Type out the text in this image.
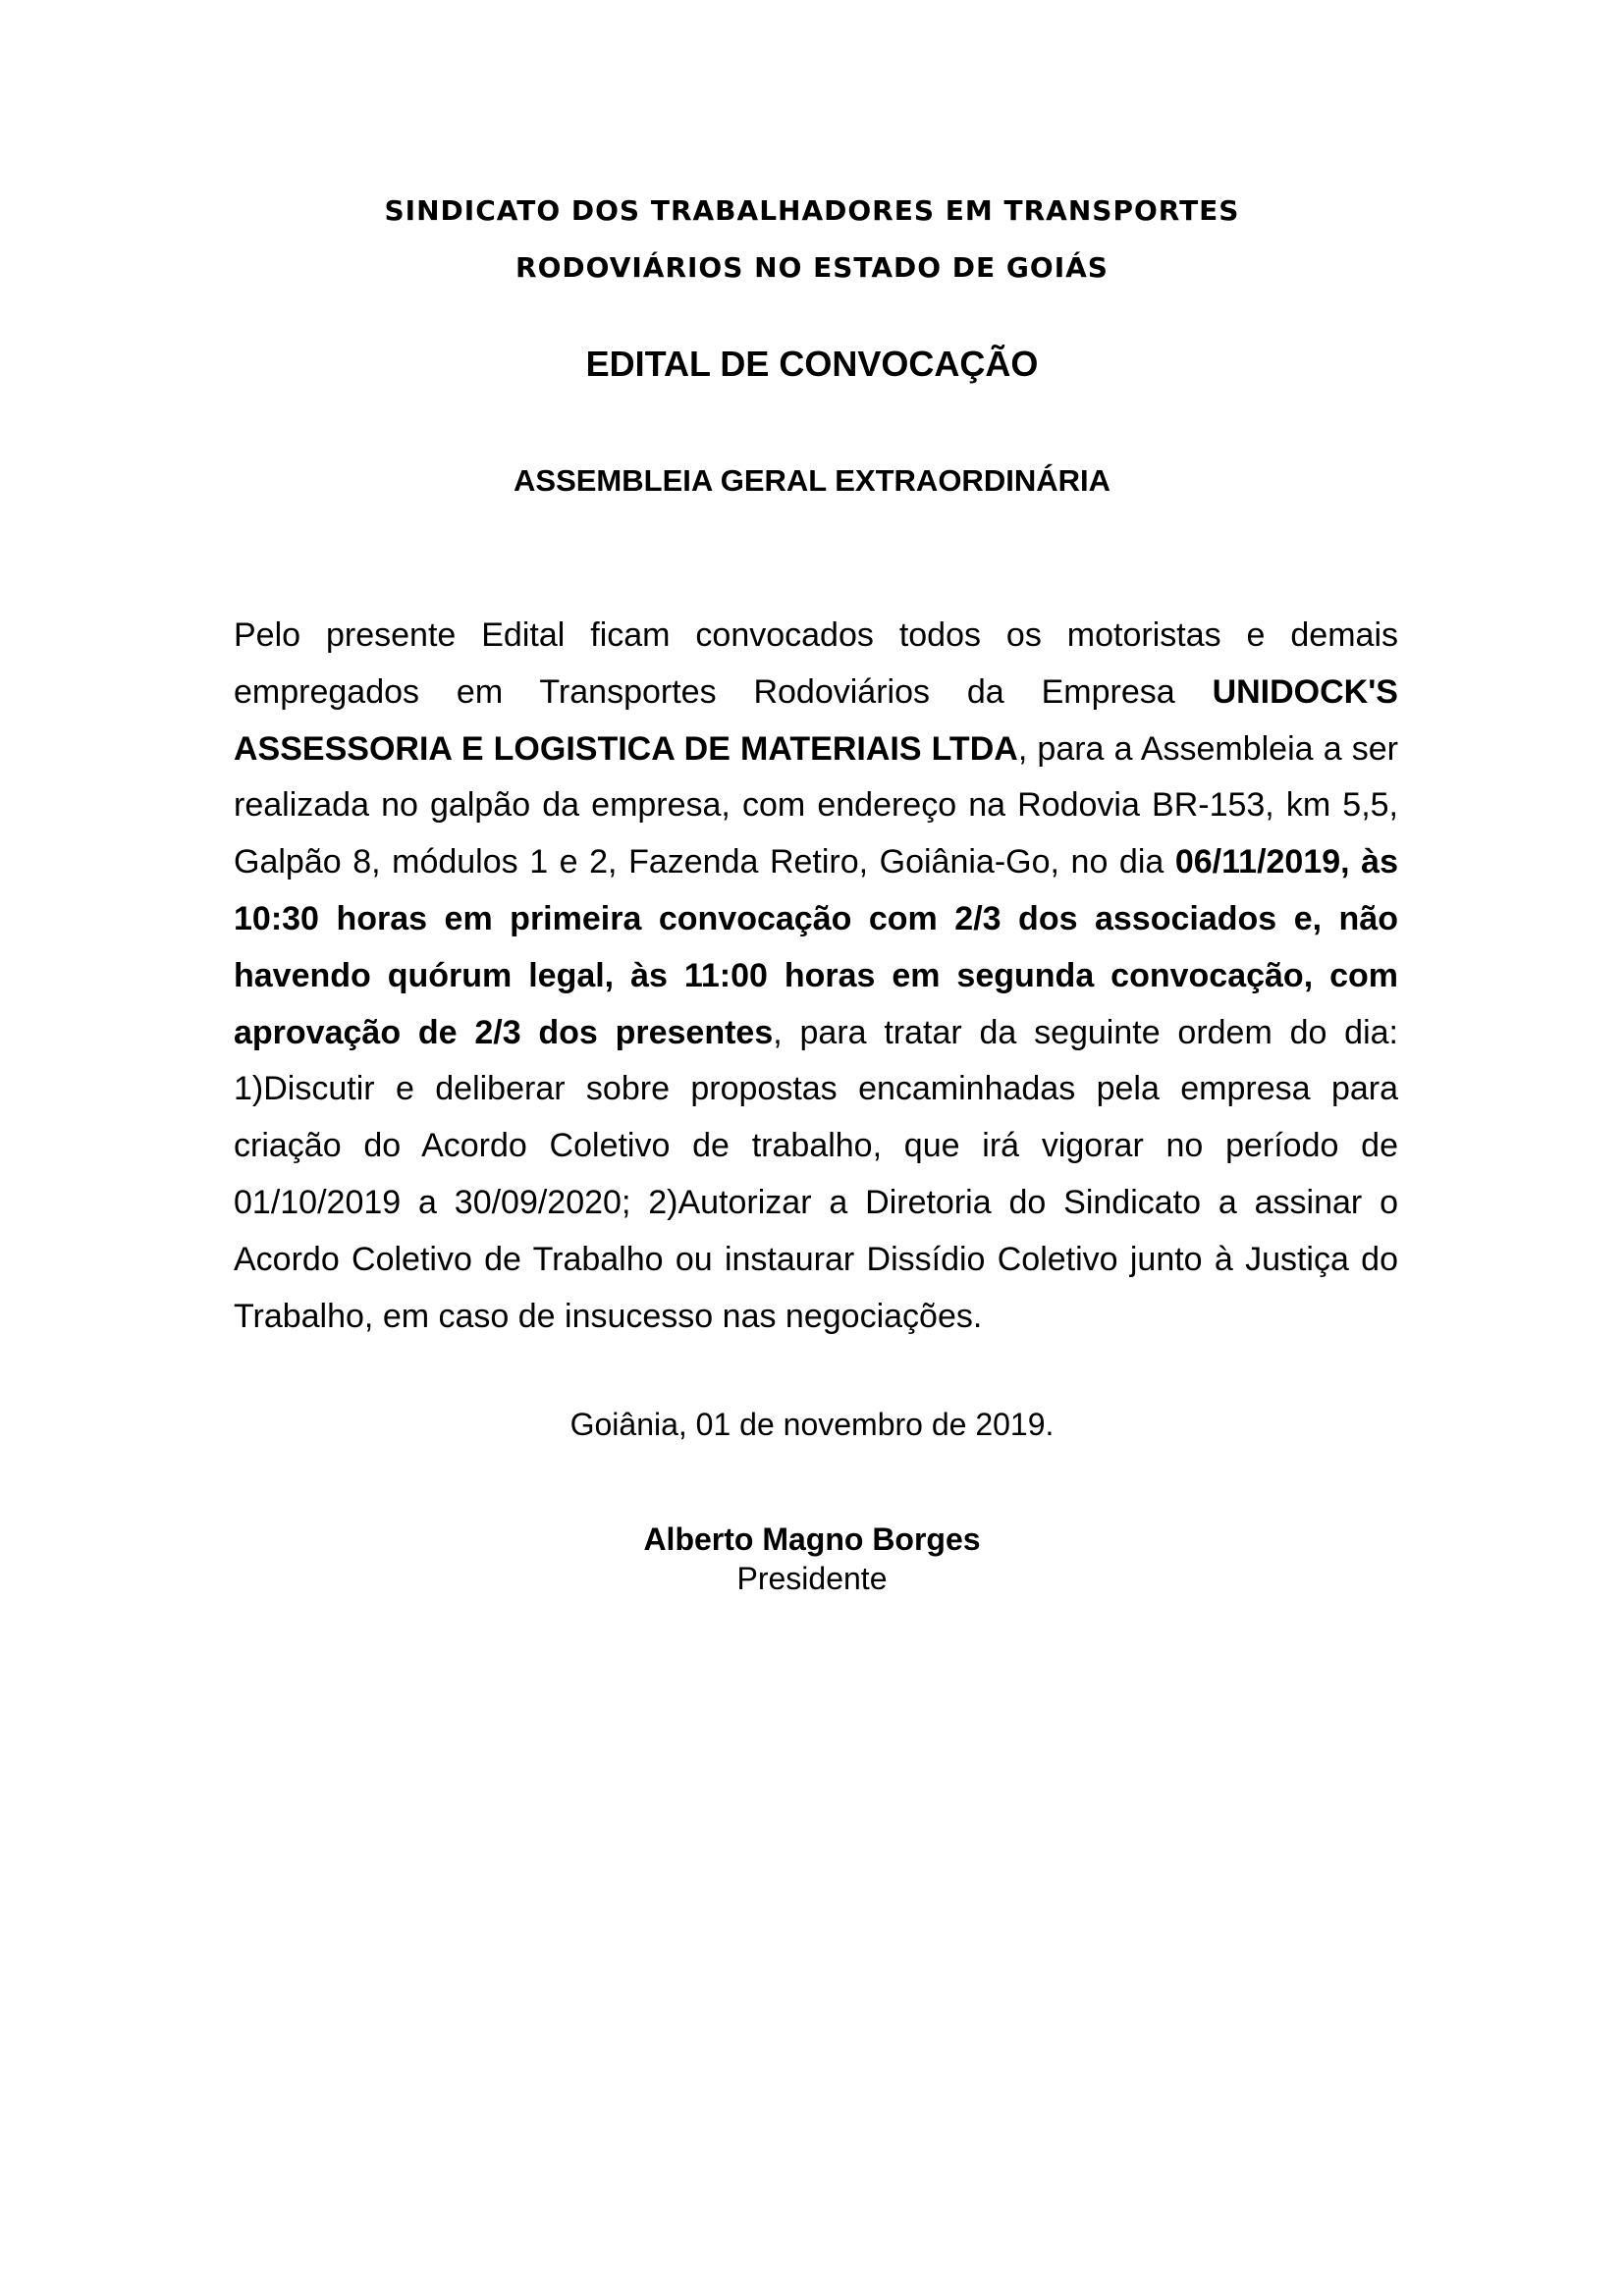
SINDICATO DOS TRABALHADORES EM TRANSPORTES
RODOVIÁRIOS NO ESTADO DE GOIÁS
EDITAL DE CONVOCAÇÃO
ASSEMBLEIA GERAL EXTRAORDINÁRIA

Pelo presente Edital ficam convocados todos os motoristas e demais empregados em Transportes Rodoviários da Empresa UNIDOCK'S ASSESSORIA E LOGISTICA DE MATERIAIS LTDA, para a Assembleia a ser realizada no galpão da empresa, com endereço na Rodovia BR-153, km 5,5, Galpão 8, módulos 1 e 2, Fazenda Retiro, Goiânia-Go, no dia 06/11/2019, às 10:30 horas em primeira convocação com 2/3 dos associados e, não havendo quórum legal, às 11:00 horas em segunda convocação, com aprovação de 2/3 dos presentes, para tratar da seguinte ordem do dia: 1)Discutir e deliberar sobre propostas encaminhadas pela empresa para criação do Acordo Coletivo de trabalho, que irá vigorar no período de 01/10/2019 a 30/09/2020; 2)Autorizar a Diretoria do Sindicato a assinar o Acordo Coletivo de Trabalho ou instaurar Dissídio Coletivo junto à Justiça do Trabalho, em caso de insucesso nas negociações.

Goiânia, 01 de novembro de 2019.
Alberto Magno Borges
Presidente
